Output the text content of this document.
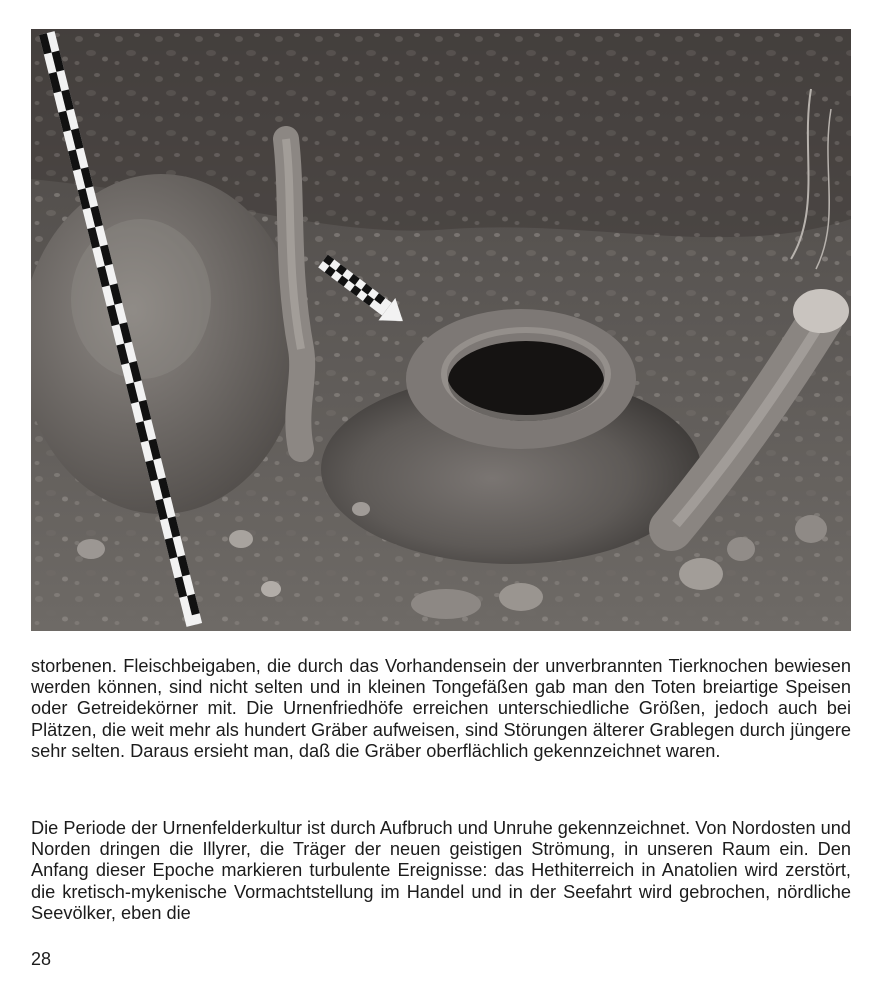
storbenen. Fleischbeigaben, die durch das Vorhandensein der unverbrannten Tierknochen bewiesen werden können, sind nicht selten und in kleinen Tongefäßen gab man den Toten breiartige Speisen oder Getreidekörner mit. Die Urnenfriedhöfe erreichen unterschiedliche Größen, jedoch auch bei Plätzen, die weit mehr als hundert Gräber aufweisen, sind Störungen älterer Grablegen durch jüngere sehr selten. Daraus ersieht man, daß die Gräber oberflächlich gekennzeichnet waren.

Die Periode der Urnenfelderkultur ist durch Aufbruch und Unruhe gekennzeichnet. Von Nordosten und Norden dringen die Illyrer, die Träger der neuen geistigen Strömung, in unseren Raum ein. Den Anfang dieser Epoche markieren turbulente Ereignisse: das Hethiterreich in Anatolien wird zerstört, die kretisch-mykenische Vormachtstellung im Handel und in der Seefahrt wird gebrochen, nördliche Seevölker, eben die

28
